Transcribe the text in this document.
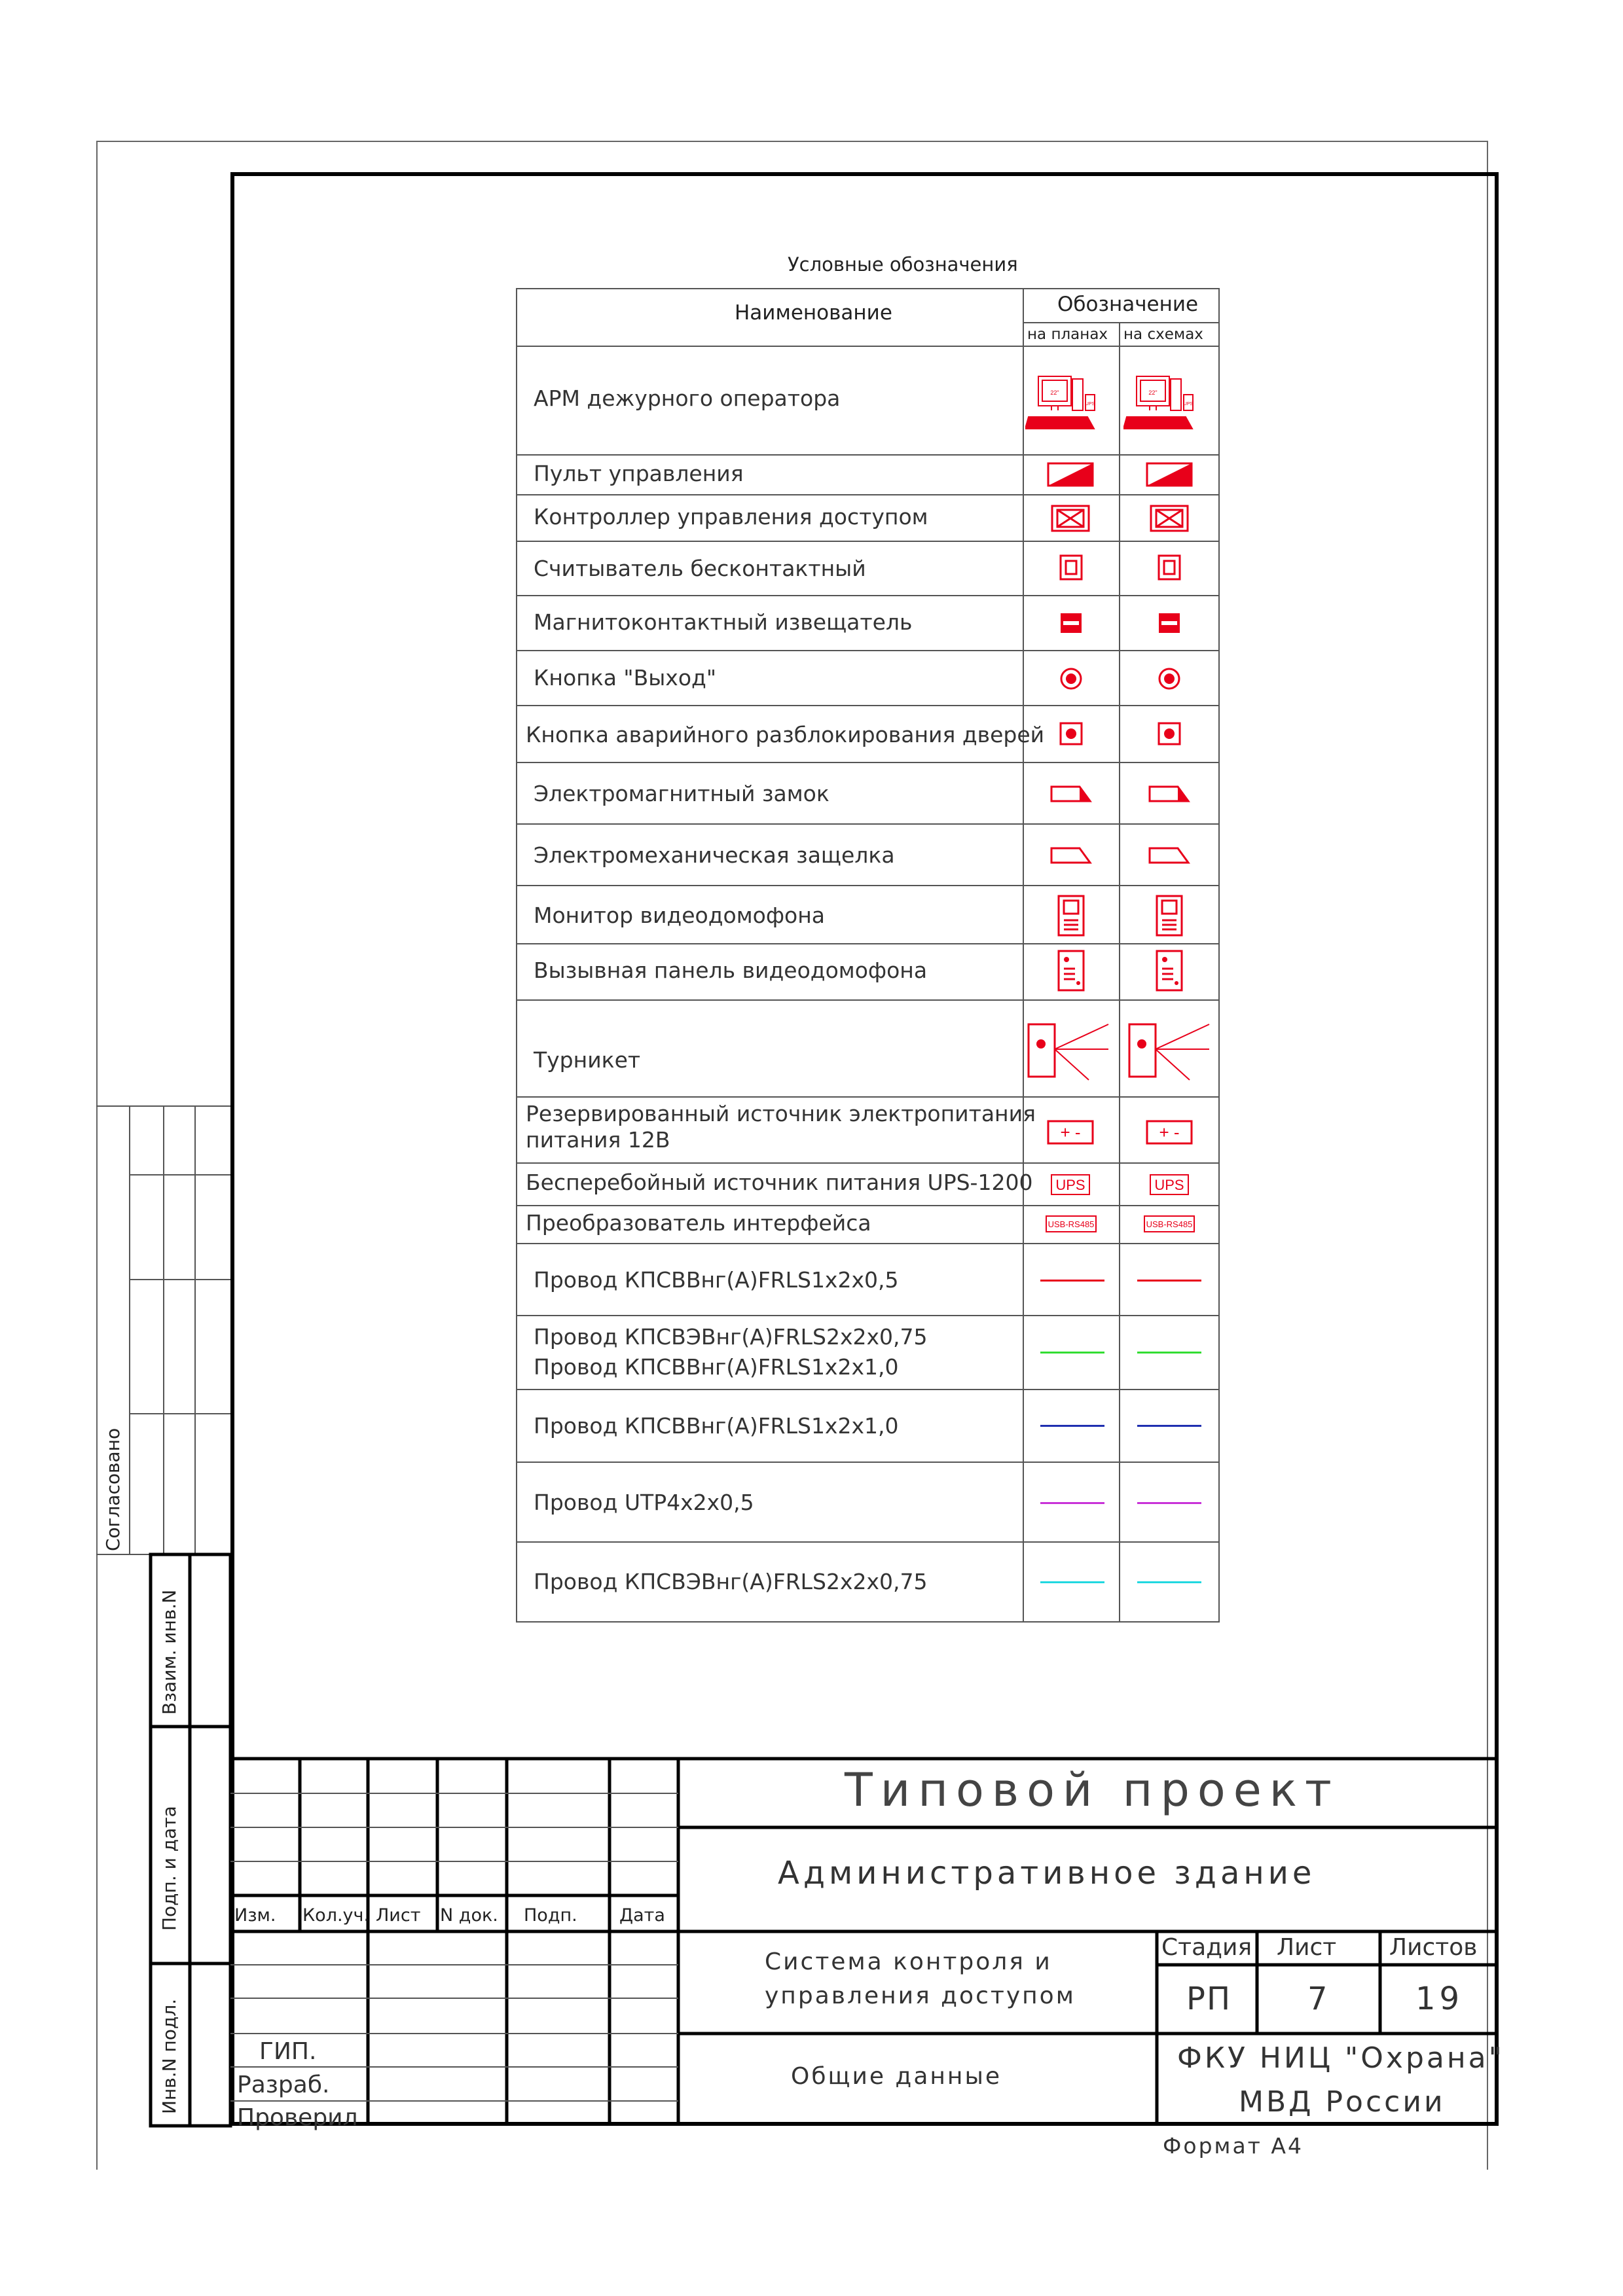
Условные обозначения
Наименование	Обозначение
на планах на схемах
АРМ дежурного оператора
Пульт управления
Контроллер управления доступом
Считыватель бесконтактный
Магнитоконтактный извещатель
Кнопка "Выход"
Кнопка аварийного разблокирования дверей
Электромагнитный замок
Электромеханическая защелка
Монитор видеодомофона
Вызывная панель видеодомофона
Турникет
Резервированный источник электропитания
питания 12В
Бесперебойный источник питания UPS-1200
Преобразователь интерфейса
Провод КПСВВнг(А)FRLS1х2х0,5
Провод КПСВЭВнг(А)FRLS2х2х0,75
Провод КПСВВнг(А)FRLS1х2х1,0
Провод КПСВВнг(А)FRLS1х2х1,0
Провод UTP4х2х0,5
Провод КПСВЭВнг(А)FRLS2х2х0,75
22"
UPS
+ -
UPS
USB-RS485
22"
UPS
+ -
UPS
USB-RS485
Согласовано
Взаим. инв.N
Подп. и дата
Инв.N подл.
Типовой проект
Административное здание
Изм. Кол.уч. Лист N док. Подп. Дата
ГИП.
Разраб.
Проверил
Система контроля и
управления доступом
Стадия Лист Листов
РП 7	19
Общие данные
ФКУ НИЦ "Охрана"
МВД России
Формат А4
